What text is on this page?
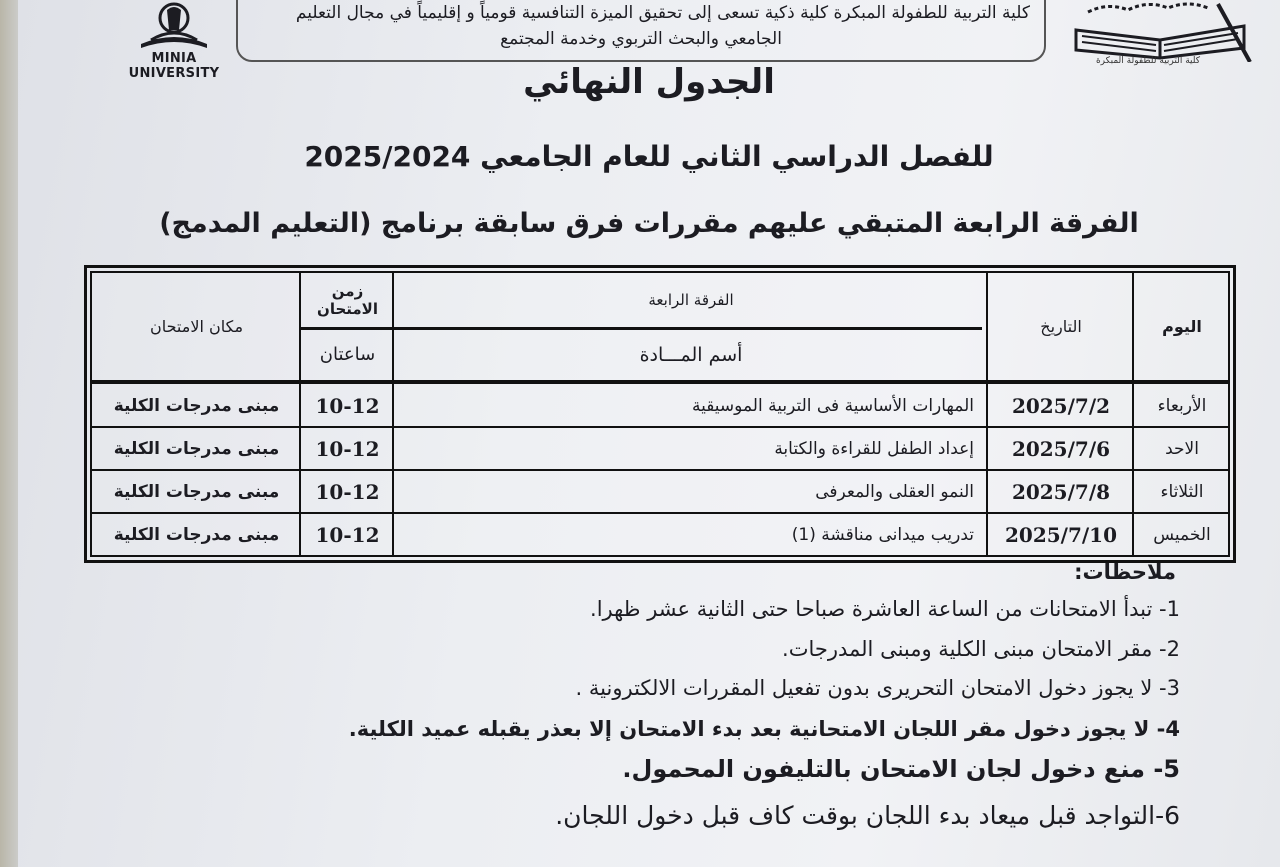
MINIA UNIVERSITY
كلية التربية للطفولة المبكرة كلية ذكية تسعى إلى تحقيق الميزة التنافسية قومياً و إقليمياً في مجال التعليم
الجامعي والبحث التربوي وخدمة المجتمع
كلية التربية للطفولة المبكرة
الجدول النهائي
للفصل الدراسي الثاني للعام الجامعي 2025/2024
الفرقة الرابعة المتبقي عليهم مقررات فرق سابقة برنامج (التعليم المدمج)
اليوم
التاريخ
الفرقة الرابعة
أسم المـــادة
زمن الامتحان
ساعتان
مكان الامتحان
الأربعاء
2025/7/2
المهارات الأساسية فى التربية الموسيقية
10-12
مبنى مدرجات الكلية
الاحد
2025/7/6
إعداد الطفل للقراءة والكتابة
10-12
مبنى مدرجات الكلية
الثلاثاء
2025/7/8
النمو العقلى والمعرفى
10-12
مبنى مدرجات الكلية
الخميس
2025/7/10
تدريب ميدانى مناقشة (1)
10-12
مبنى مدرجات الكلية
ملاحظات:
1- تبدأ الامتحانات من الساعة العاشرة صباحا حتى الثانية عشر ظهرا.
2- مقر الامتحان مبنى الكلية ومبنى المدرجات.
3- لا يجوز دخول الامتحان التحريرى بدون تفعيل المقررات الالكترونية .
4- لا يجوز دخول مقر اللجان الامتحانية بعد بدء الامتحان إلا بعذر يقبله عميد الكلية.
5- منع دخول لجان الامتحان بالتليفون المحمول.
6-التواجد قبل ميعاد بدء اللجان بوقت كاف قبل دخول اللجان.
